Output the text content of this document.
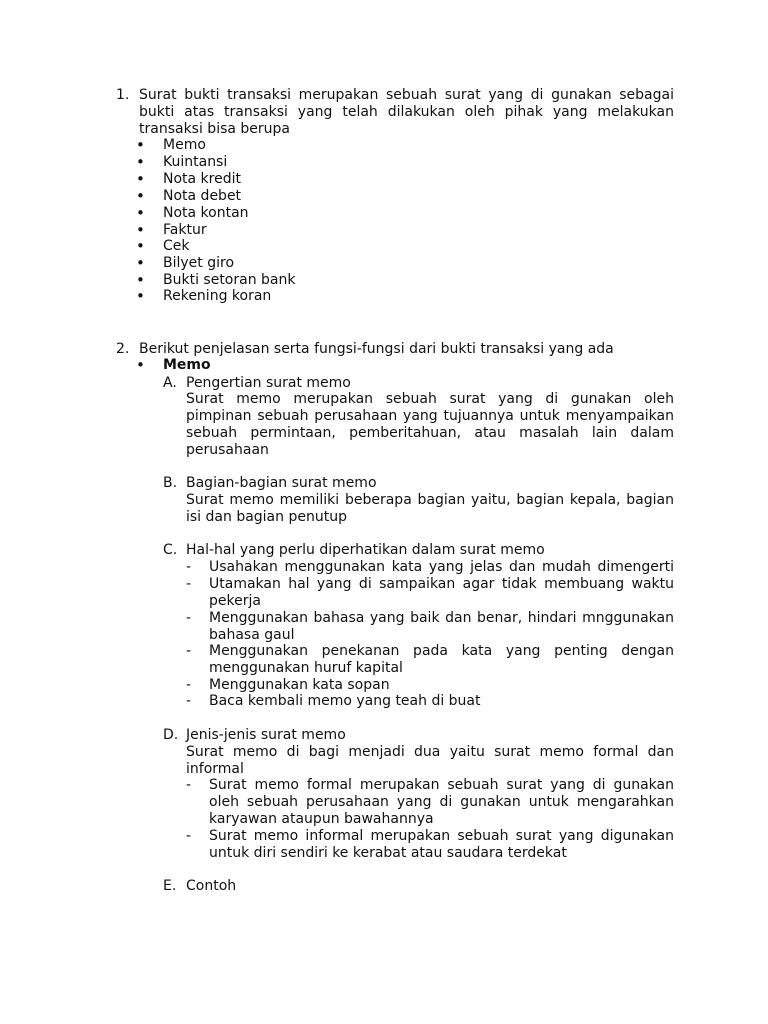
1. Surat bukti transaksi merupakan sebuah surat yang di gunakan sebagai
bukti atas transaksi yang telah dilakukan oleh pihak yang melakukan
transaksi bisa berupa
• Memo
• Kuintansi
• Nota kredit
• Nota debet
• Nota kontan
• Faktur
• Cek
• Bilyet giro
• Bukti setoran bank
• Rekening koran
2. Berikut penjelasan serta fungsi-fungsi dari bukti transaksi yang ada
• Memo
A. Pengertian surat memo
Surat memo merupakan sebuah surat yang di gunakan oleh
pimpinan sebuah perusahaan yang tujuannya untuk menyampaikan
sebuah permintaan, pemberitahuan, atau masalah lain dalam
perusahaan
B. Bagian-bagian surat memo
Surat memo memiliki beberapa bagian yaitu, bagian kepala, bagian
isi dan bagian penutup
C. Hal-hal yang perlu diperhatikan dalam surat memo
- Usahakan menggunakan kata yang jelas dan mudah dimengerti
- Utamakan hal yang di sampaikan agar tidak membuang waktu
pekerja
- Menggunakan bahasa yang baik dan benar, hindari mnggunakan
bahasa gaul
- Menggunakan penekanan pada kata yang penting dengan
menggunakan huruf kapital
- Menggunakan kata sopan
- Baca kembali memo yang teah di buat
D. Jenis-jenis surat memo
Surat memo di bagi menjadi dua yaitu surat memo formal dan
informal
- Surat memo formal merupakan sebuah surat yang di gunakan
oleh sebuah perusahaan yang di gunakan untuk mengarahkan
karyawan ataupun bawahannya
- Surat memo informal merupakan sebuah surat yang digunakan
untuk diri sendiri ke kerabat atau saudara terdekat
E. Contoh
